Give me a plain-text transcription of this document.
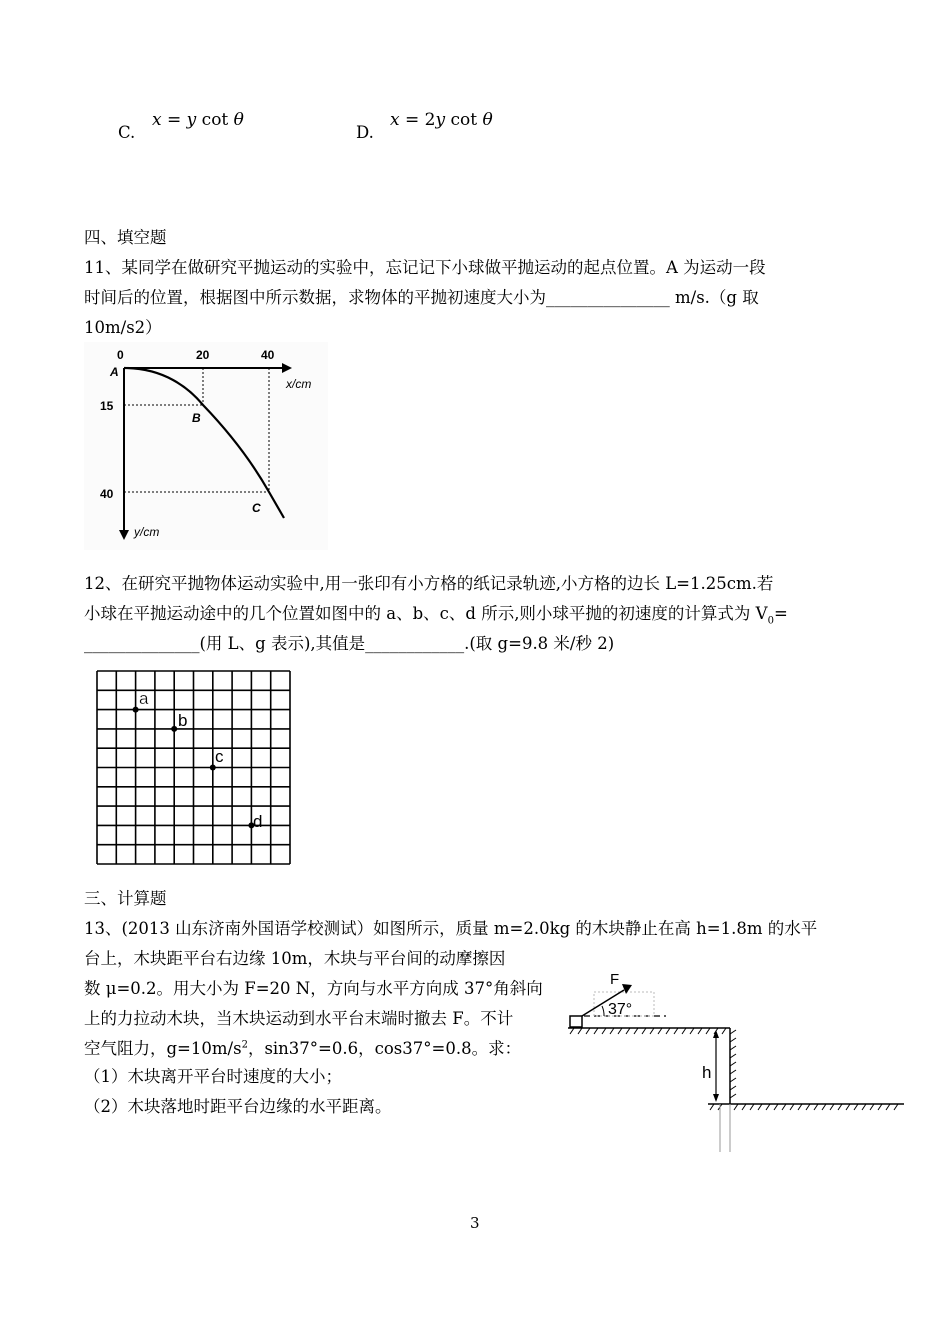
C.
x = y cot θ
D.
x = 2y cot θ
四、填空题
11、某同学在做研究平抛运动的实验中，忘记记下小球做平抛运动的起点位置。A 为运动一段
时间后的位置，根据图中所示数据，求物体的平抛初速度大小为_______________ m/s.（g 取
10m/s2）
0	20	40
x/cm
15
40
y/cm
A
B
C
12、在研究平抛物体运动实验中,用一张印有小方格的纸记录轨迹,小方格的边长 L=1.25cm.若
小球在平抛运动途中的几个位置如图中的 a、b、c、d 所示,则小球平抛的初速度的计算式为 $V_0=$
______________(用 L、g 表示),其值是____________.(取 g=9.8 米/秒 2)
a
b
c
d
三、计算题
13、(2013 山东济南外国语学校测试）如图所示，质量 m=2.0kg 的木块静止在高 h=1.8m 的水平
台上，木块距平台右边缘 10m，木块与平台间的动摩擦因
数 μ=0.2。用大小为 F=20 N，方向与水平方向成 37°角斜向
上的力拉动木块，当木块运动到水平台末端时撤去 F。不计
空气阻力，$g=10m/s^2$，sin37°=0.6，cos37°=0.8。求：
（1）木块离开平台时速度的大小；
（2）木块落地时距平台边缘的水平距离。
h
F
37°
3
